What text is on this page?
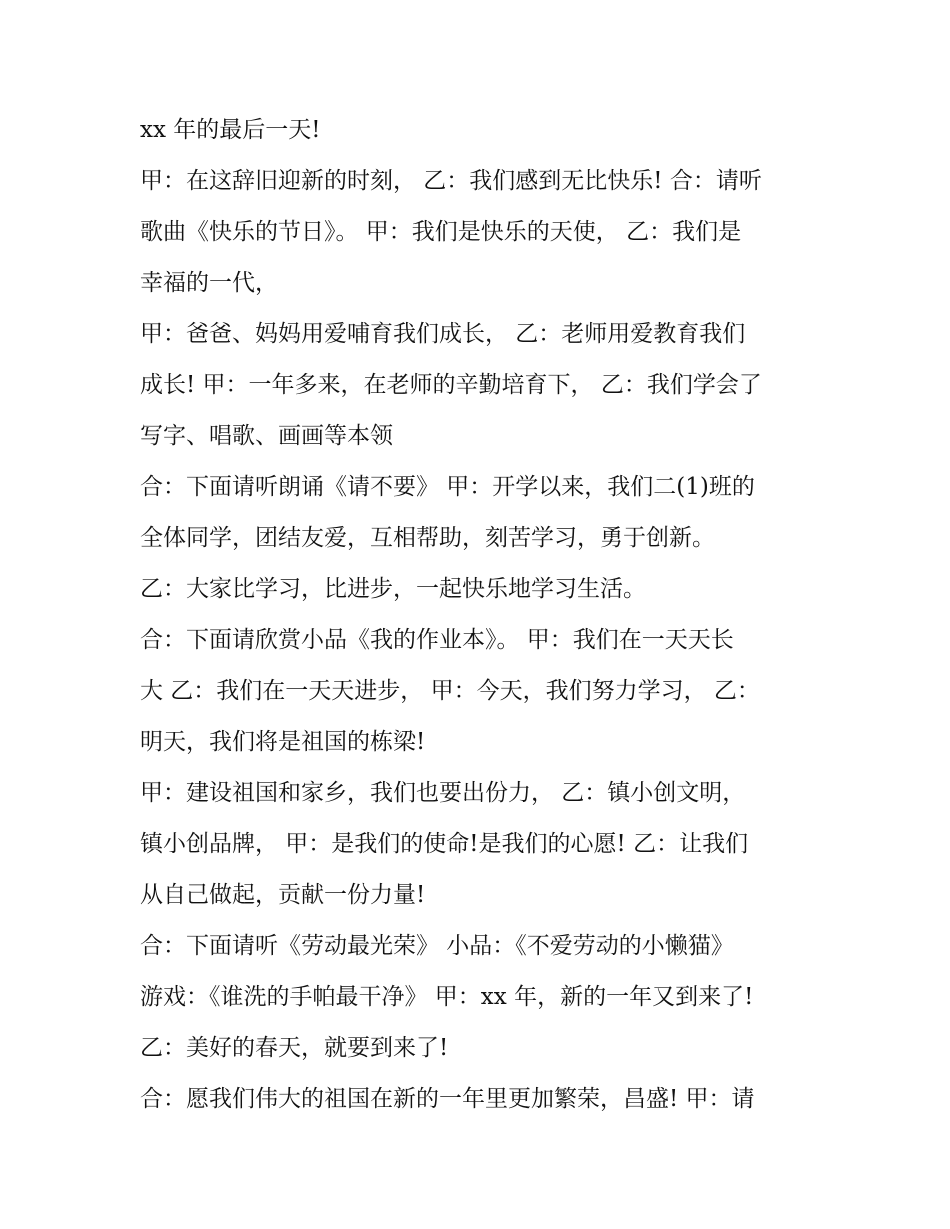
xx 年的最后一天!
甲：在这辞旧迎新的时刻， 乙：我们感到无比快乐! 合：请听
歌曲《快乐的节日》。 甲：我们是快乐的天使， 乙：我们是
幸福的一代，
甲：爸爸、妈妈用爱哺育我们成长， 乙：老师用爱教育我们
成长! 甲：一年多来，在老师的辛勤培育下， 乙：我们学会了
写字、唱歌、画画等本领
合：下面请听朗诵《请不要》 甲：开学以来，我们二(1)班的
全体同学，团结友爱，互相帮助，刻苦学习，勇于创新。
乙：大家比学习，比进步，一起快乐地学习生活。
合：下面请欣赏小品《我的作业本》。 甲：我们在一天天长
大 乙：我们在一天天进步， 甲：今天，我们努力学习， 乙：
明天，我们将是祖国的栋梁!
甲：建设祖国和家乡，我们也要出份力， 乙：镇小创文明，
镇小创品牌， 甲：是我们的使命!是我们的心愿! 乙：让我们
从自己做起，贡献一份力量!
合：下面请听《劳动最光荣》 小品：《不爱劳动的小懒猫》
游戏：《谁洗的手帕最干净》 甲：xx 年，新的一年又到来了!
乙：美好的春天，就要到来了!
合：愿我们伟大的祖国在新的一年里更加繁荣，昌盛! 甲：请
